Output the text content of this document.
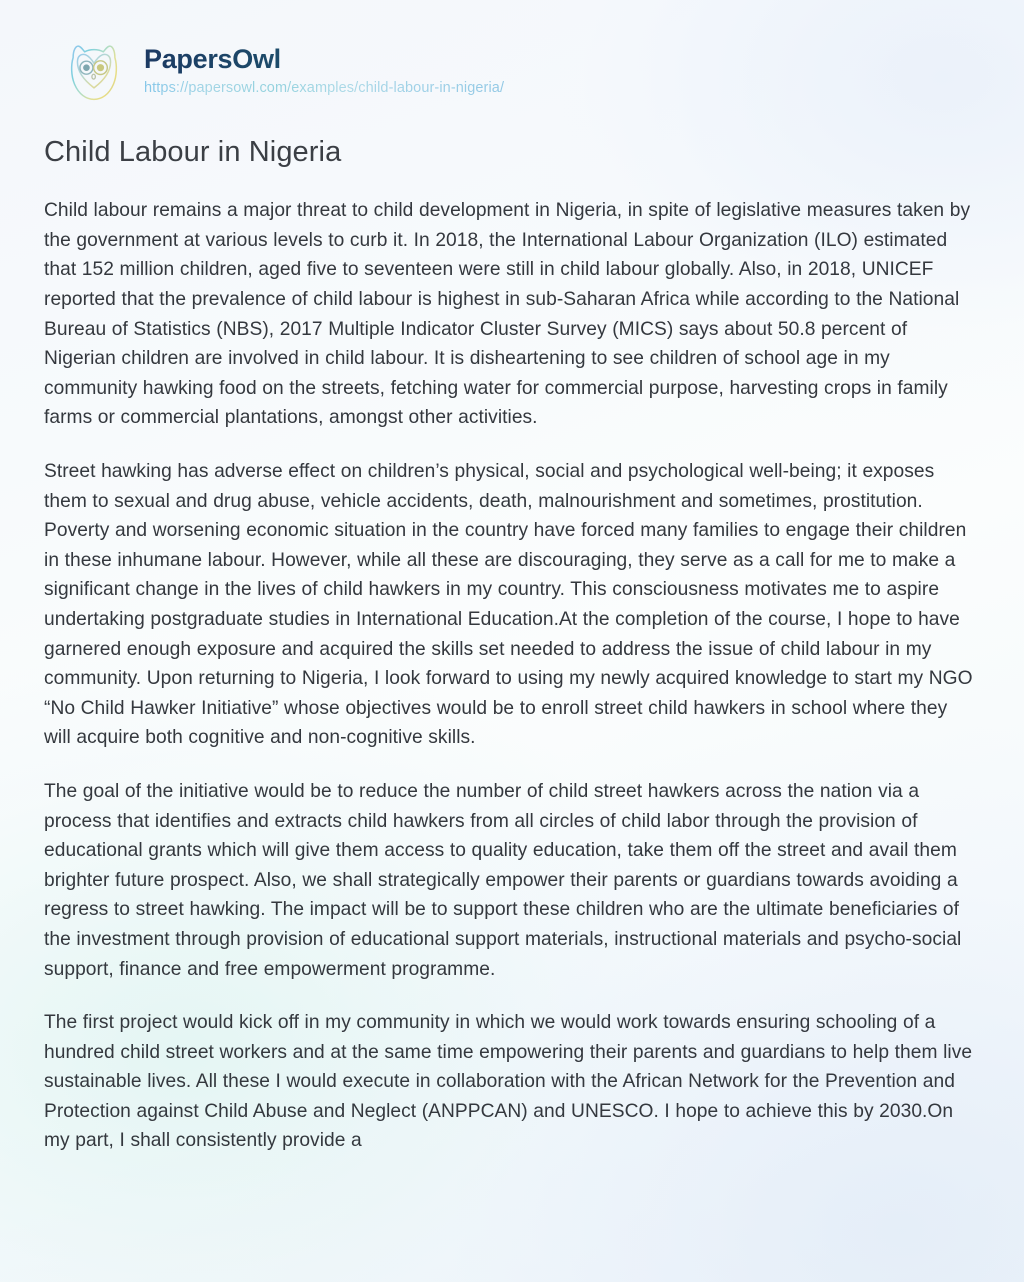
PapersOwl
https://papersowl.com/examples/child-labour-in-nigeria/
Child Labour in Nigeria

Child labour remains a major threat to child development in Nigeria, in spite of legislative measures taken by the government at various levels to curb it. In 2018, the International Labour Organization (ILO) estimated that 152 million children, aged five to seventeen were still in child labour globally. Also, in 2018, UNICEF reported that the prevalence of child labour is highest in sub-Saharan Africa while according to the National Bureau of Statistics (NBS), 2017 Multiple Indicator Cluster Survey (MICS) says about 50.8 percent of Nigerian children are involved in child labour. It is disheartening to see children of school age in my community hawking food on the streets, fetching water for commercial purpose, harvesting crops in family farms or commercial plantations, amongst other activities.

Street hawking has adverse effect on children’s physical, social and psychological well-being; it exposes them to sexual and drug abuse, vehicle accidents, death, malnourishment and sometimes, prostitution. Poverty and worsening economic situation in the country have forced many families to engage their children in these inhumane labour. However, while all these are discouraging, they serve as a call for me to make a significant change in the lives of child hawkers in my country. This consciousness motivates me to aspire undertaking postgraduate studies in International Education.At the completion of the course, I hope to have garnered enough exposure and acquired the skills set needed to address the issue of child labour in my community. Upon returning to Nigeria, I look forward to using my newly acquired knowledge to start my NGO “No Child Hawker Initiative” whose objectives would be to enroll street child hawkers in school where they will acquire both cognitive and non-cognitive skills.

The goal of the initiative would be to reduce the number of child street hawkers across the nation via a process that identifies and extracts child hawkers from all circles of child labor through the provision of educational grants which will give them access to quality education, take them off the street and avail them brighter future prospect. Also, we shall strategically empower their parents or guardians towards avoiding a regress to street hawking. The impact will be to support these children who are the ultimate beneficiaries of the investment through provision of educational support materials, instructional materials and psycho-social support, finance and free empowerment programme.

The first project would kick off in my community in which we would work towards ensuring schooling of a hundred child street workers and at the same time empowering their parents and guardians to help them live sustainable lives. All these I would execute in collaboration with the African Network for the Prevention and Protection against Child Abuse and Neglect (ANPPCAN) and UNESCO. I hope to achieve this by 2030.On my part, I shall consistently provide a
